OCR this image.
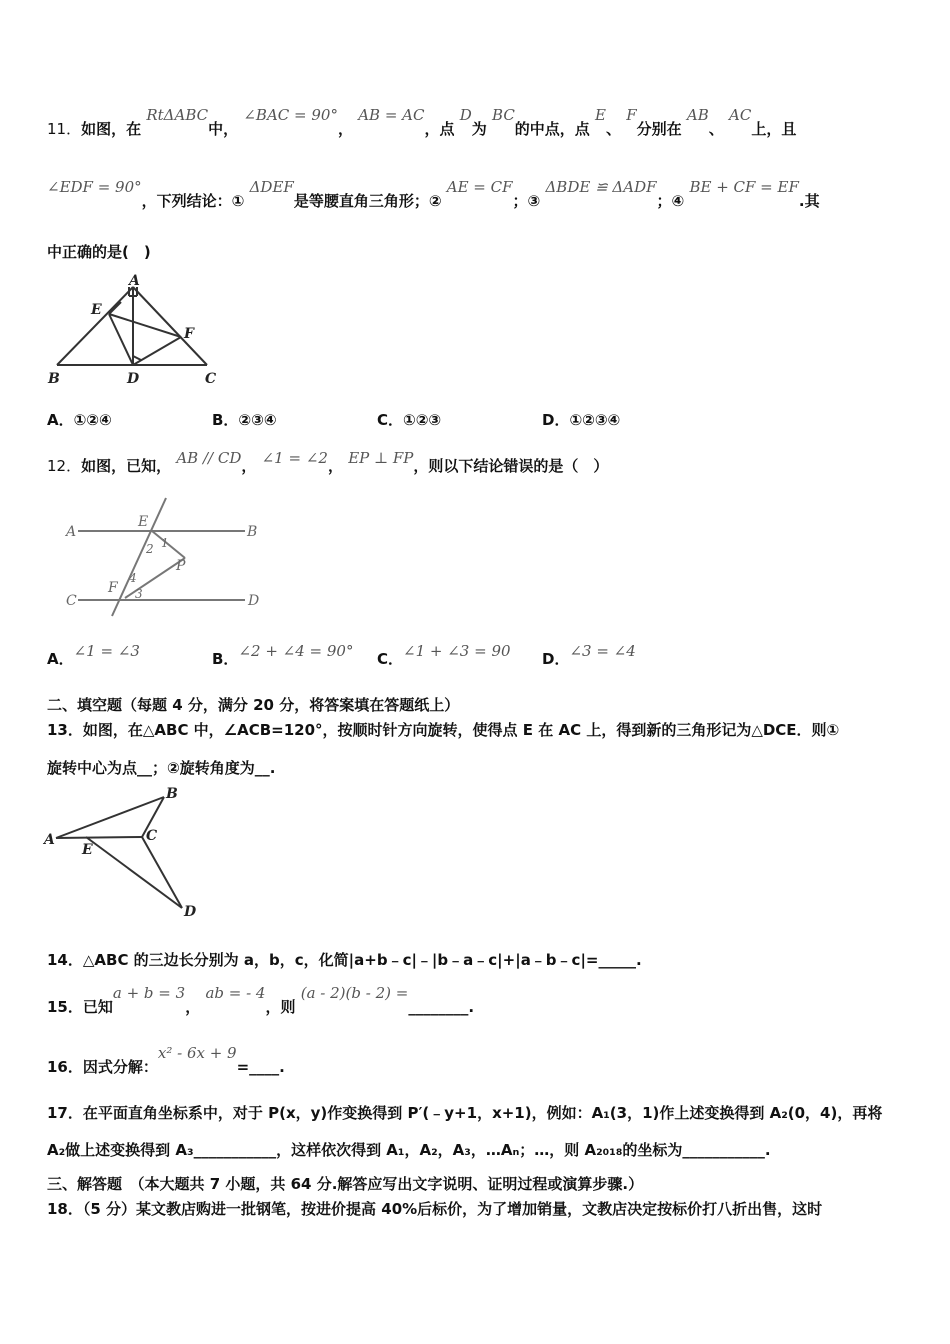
11．如图，在 RtΔABC中， ∠BAC = 90°， AB = AC，点 D为 BC的中点，点 E、 F分别在 AB、 AC上，且
∠EDF = 90°，下列结论：① ΔDEF是等腰直角三角形；② AE = CF；③ ΔBDE ≌ ΔADF；④ BE + CF = EF.其
中正确的是(　)
A
E
F
B	D	C
A．①②④	B．②③④	C．①②③	D．①②③④
12．如图，已知， AB // CD， ∠1 = ∠2， EP ⊥ FP，则以下结论错误的是（　）
A
E
B
2 1
P
4
F 3
C	D
A．∠1 = ∠3	B．∠2 + ∠4 = 90° C．∠1 + ∠3 = 90 D．∠3 = ∠4
二、填空题（每题 4 分，满分 20 分，将答案填在答题纸上）
13．如图，在△ABC 中，∠ACB=120°，按顺时针方向旋转，使得点 E 在 AC 上，得到新的三角形记为△DCE．则①
旋转中心为点__；②旋转角度为__.
B
A	C
E
D
14．△ABC 的三边长分别为 a，b，c，化简|a+b﹣c|﹣|b﹣a﹣c|+|a﹣b﹣c|=_____.
15．已知a + b = 3， ab = - 4，则 (a - 2)(b - 2) =________.
16．因式分解：x² - 6x + 9=____.
17．在平面直角坐标系中，对于 P(x，y)作变换得到 P′(﹣y+1，x+1)，例如：A₁(3，1)作上述变换得到 A₂(0，4)，再将
A₂做上述变换得到 A₃___________，这样依次得到 A₁，A₂，A₃，…Aₙ；…，则 A₂₀₁₈的坐标为___________.
三、解答题　（本大题共 7 小题，共 64 分.解答应写出文字说明、证明过程或演算步骤.）
18．（5 分）某文教店购进一批钢笔，按进价提高 40%后标价，为了增加销量，文教店决定按标价打八折出售，这时
